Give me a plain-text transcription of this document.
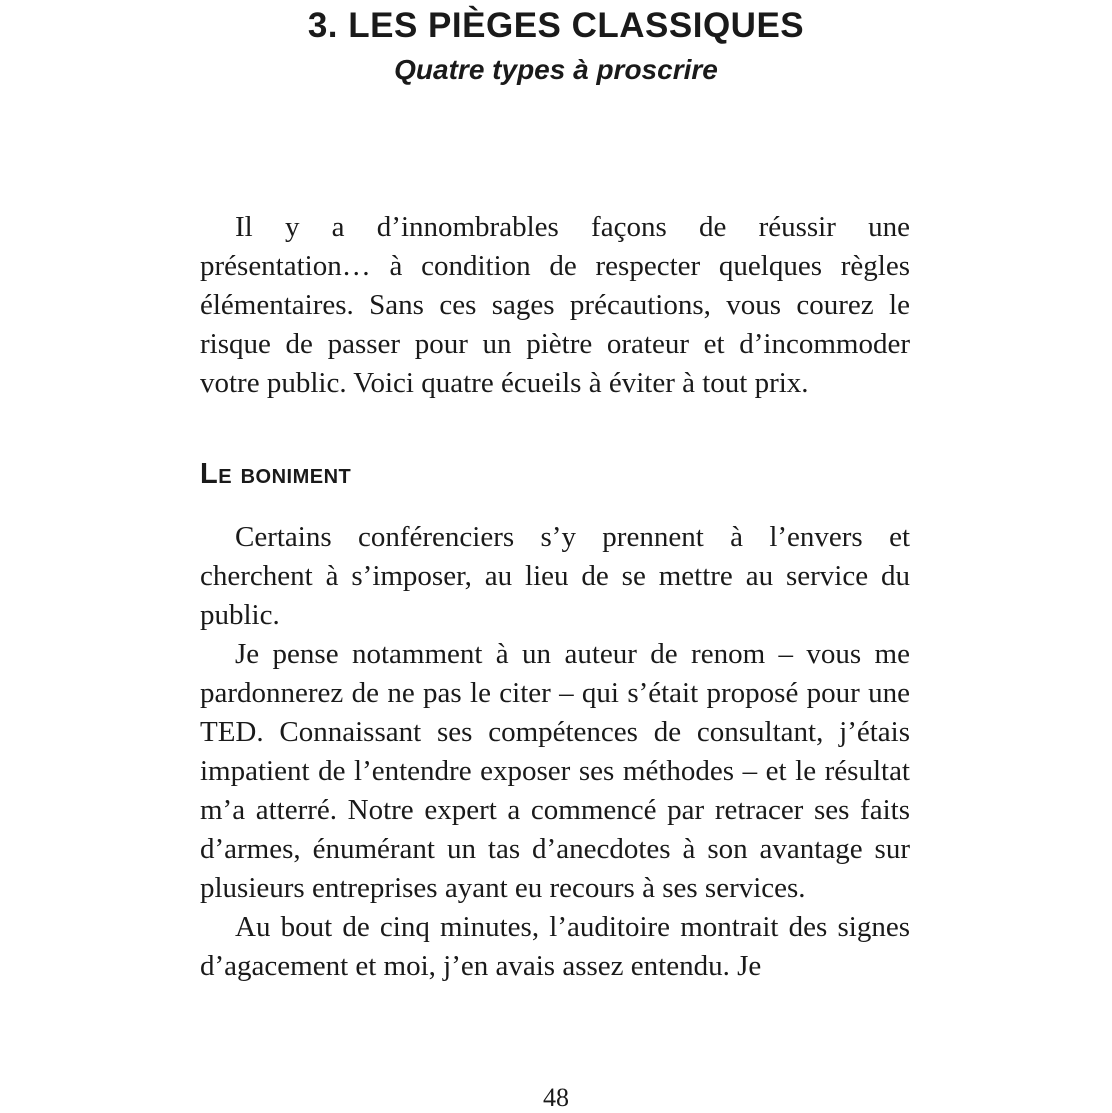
3. LES PIÈGES CLASSIQUES
Quatre types à proscrire

Il y a d’innombrables façons de réussir une présentation… à condition de respecter quelques règles élémentaires. Sans ces sages précautions, vous courez le risque de passer pour un piètre orateur et d’incommoder votre public. Voici quatre écueils à éviter à tout prix.

Le boniment

Certains conférenciers s’y prennent à l’envers et cherchent à s’imposer, au lieu de se mettre au service du public.

Je pense notamment à un auteur de renom – vous me pardonnerez de ne pas le citer – qui s’était proposé pour une TED. Connaissant ses compétences de consultant, j’étais impatient de l’entendre exposer ses méthodes – et le résultat m’a atterré. Notre expert a commencé par retracer ses faits d’armes, énumérant un tas d’anecdotes à son avantage sur plusieurs entreprises ayant eu recours à ses services.

Au bout de cinq minutes, l’auditoire montrait des signes d’agacement et moi, j’en avais assez entendu. Je

48
